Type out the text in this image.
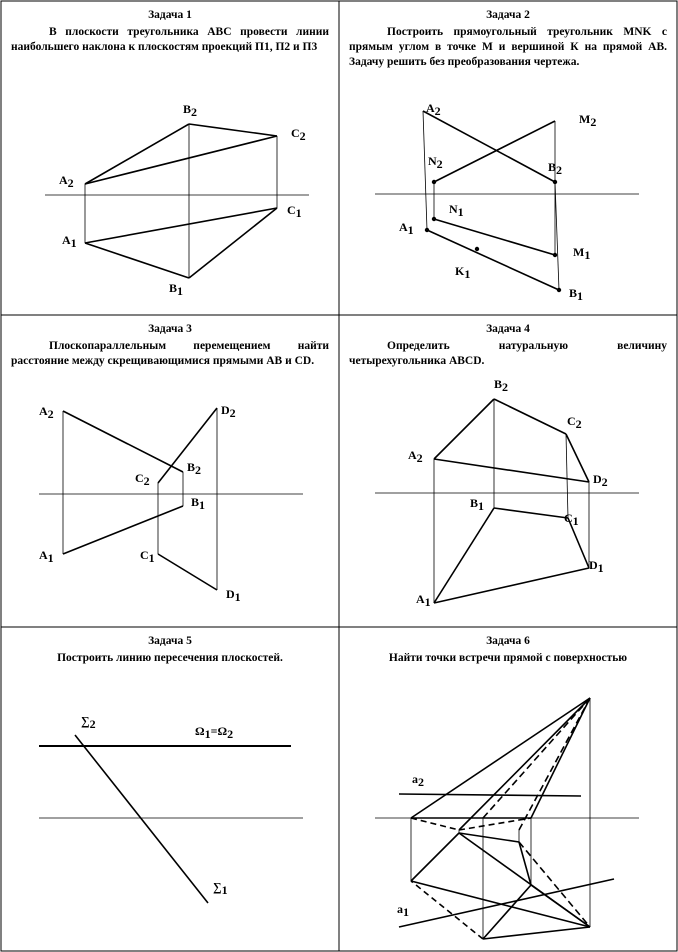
Задача 1
В плоскости треугольника АВС провести линии наибольшего наклона к плоскостям проекций П1, П2 и П3
B2
C2
A2
C1
A1
B1
Задача 2
Построить прямоугольный треугольник MNK с прямым углом в точке М и вершиной К на прямой АВ. Задачу решить без преобразования чертежа.
A2
M2
N2	B2
N1
A1
M1
K1
B1
Задача 3
Плоскопараллельным перемещением найти расстояние между скрещивающимися прямыми АВ и CD.
A2	D2
B2
C2
B1
A1	C1
D1
Задача 4
Определить натуральную величину четырехугольника ABCD.
B2
C2
A2
D2
B1
C1
D1
A1
Задача 5
Построить линию пересечения плоскостей.
∑2	Ω1=Ω2
∑1
Задача 6
Найти точки встречи прямой с поверхностью
a2
a1
